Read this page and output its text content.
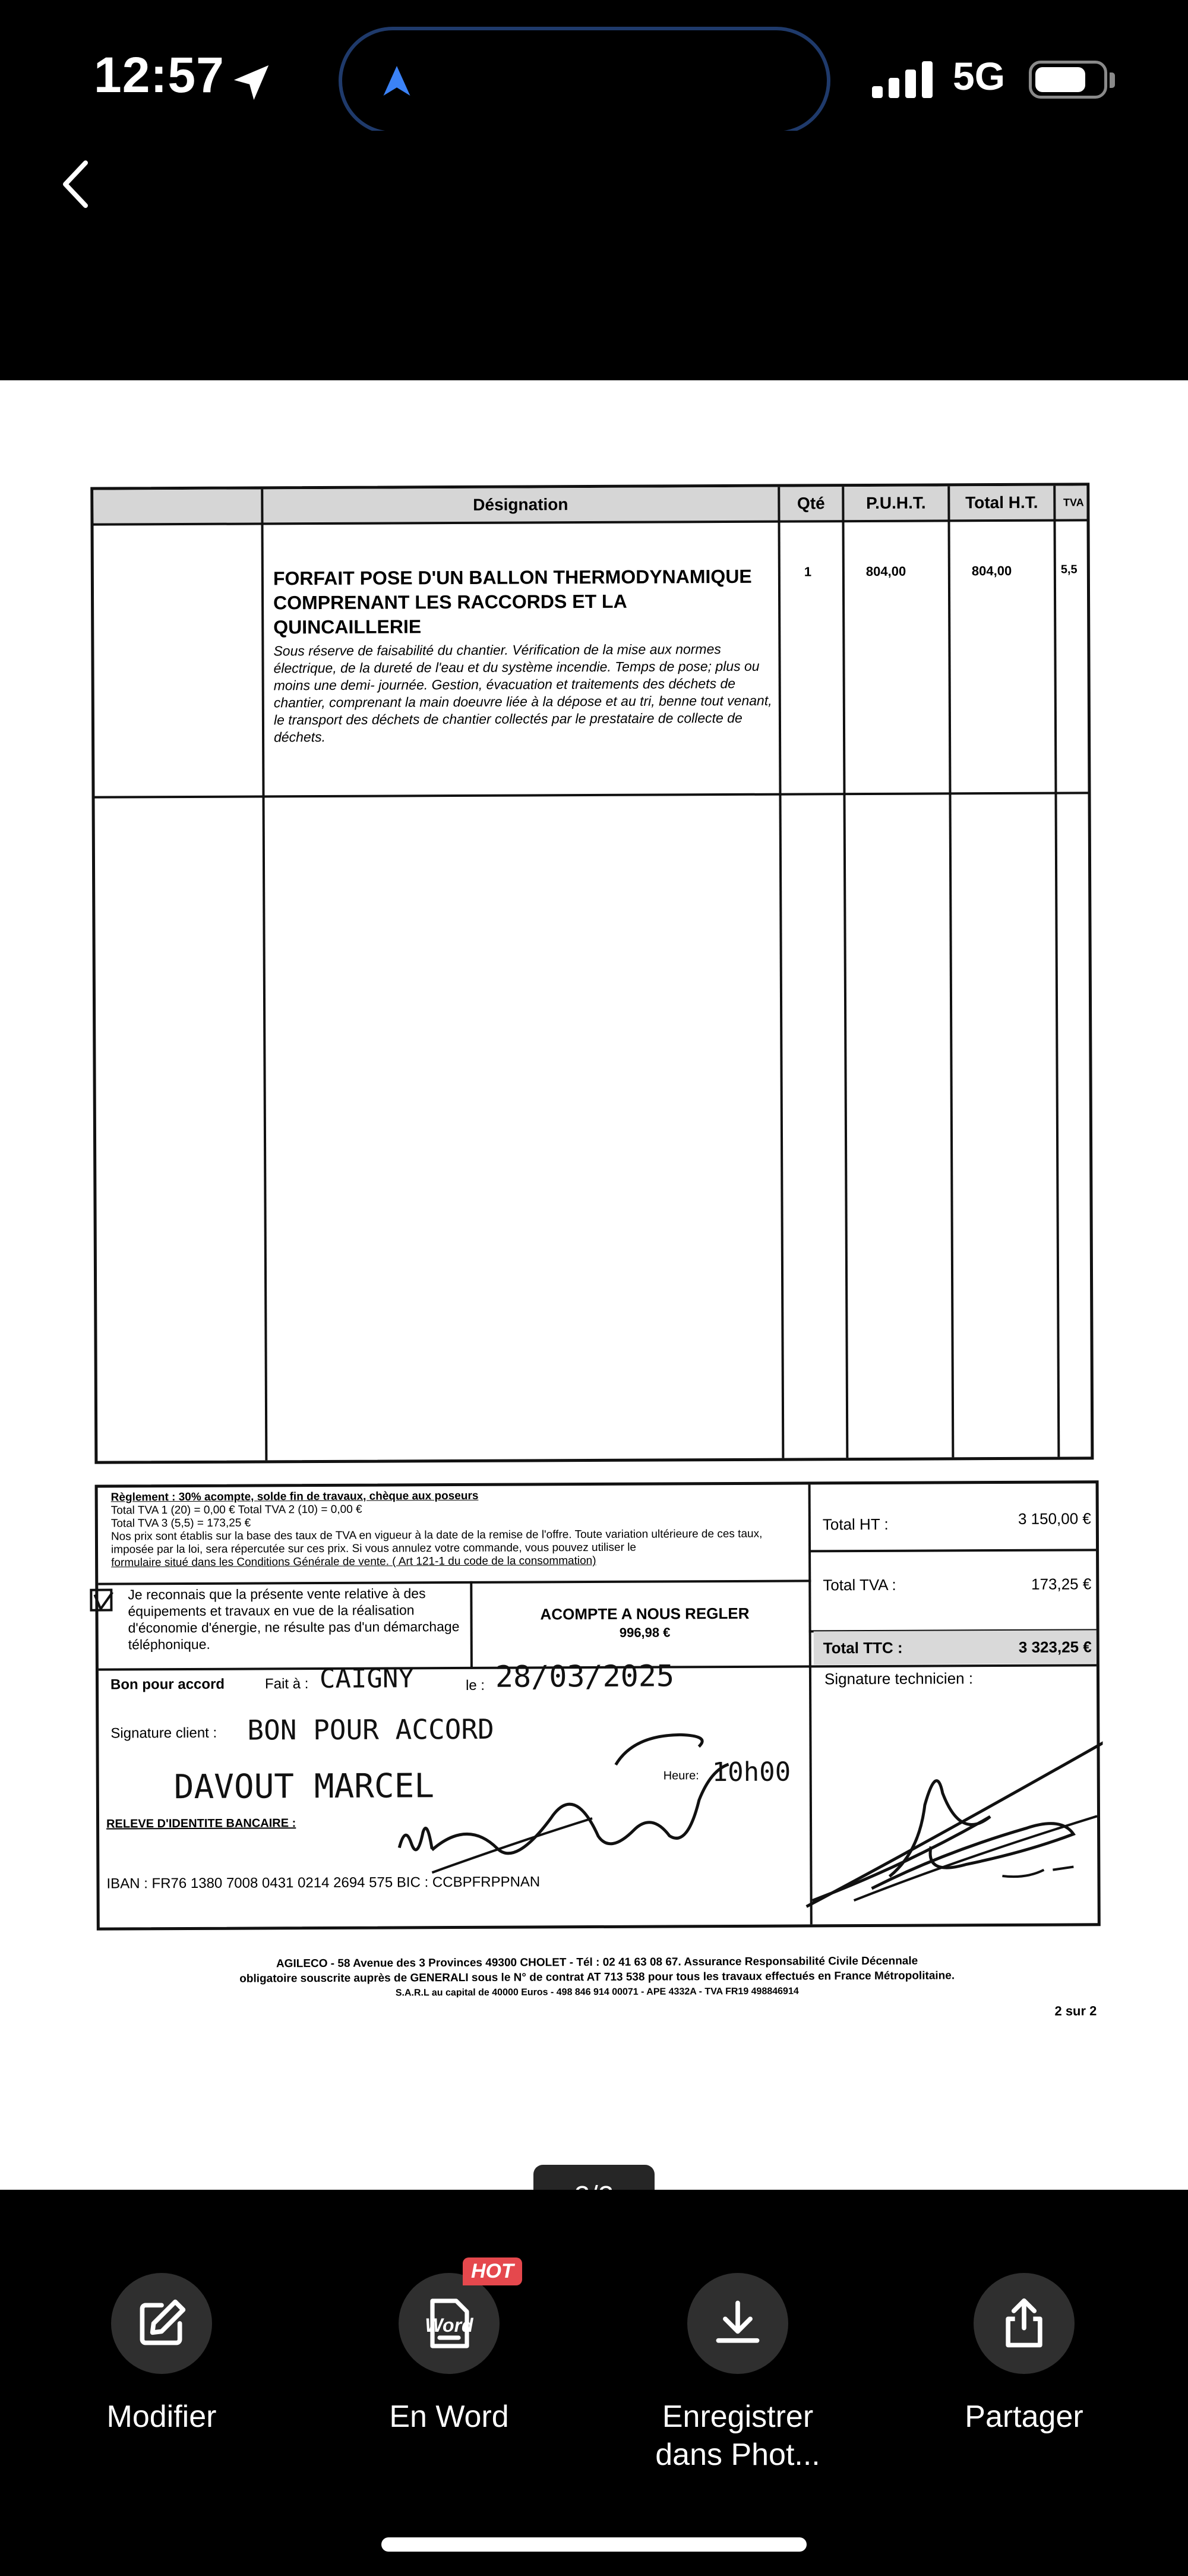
12:57	5G
Désignation	Qté	P.U.H.T.	Total H.T.	TVA
FORFAIT POSE D'UN BALLON THERMODYNAMIQUE COMPRENANT LES RACCORDS ET LA QUINCAILLERIE
Sous réserve de faisabilité du chantier. Vérification de la mise aux normes électrique, de la dureté de l'eau et du système incendie. Temps de pose; plus ou moins une demi- journée. Gestion, évacuation et traitements des déchets de chantier, comprenant la main doeuvre liée à la dépose et au tri, benne tout venant, le transport des déchets de chantier collectés par le prestataire de collecte de déchets.
1	804,00	804,00	5,5
Règlement : 30% acompte, solde fin de travaux, chèque aux poseurs
Total TVA 1 (20) = 0,00 € Total TVA 2 (10) = 0,00 €
Total TVA 3 (5,5) = 173,25 €
Nos prix sont établis sur la base des taux de TVA en vigueur à la date de la remise de l'offre. Toute variation ultérieure de ces taux, imposée par la loi, sera répercutée sur ces prix. Si vous annulez votre commande, vous pouvez utiliser le
formulaire situé dans les Conditions Générale de vente. ( Art 121-1 du code de la consommation)
Je reconnais que la présente vente relative à des équipements et travaux en vue de la réalisation d'économie d'énergie, ne résulte pas d'un démarchage téléphonique.
ACOMPTE A NOUS REGLER
996,98 €
Total HT :	3 150,00 €
Total TVA :	173,25 €
Total TTC :	3 323,25 €
Signature technicien :
Bon pour accord	Fait à : CAIGNY	le : 28/03/2025
Signature client : BON POUR ACCORD
DAVOUT MARCEL	Heure: 10h00
RELEVE D'IDENTITE BANCAIRE :
IBAN : FR76 1380 7008 0431 0214 2694 575 BIC : CCBPFRPPNAN
AGILECO - 58 Avenue des 3 Provinces 49300 CHOLET - Tél : 02 41 63 08 67. Assurance Responsabilité Civile Décennale
obligatoire souscrite auprès de GENERALI sous le N° de contrat AT 713 538 pour tous les travaux effectués en France Métropolitaine.
S.A.R.L au capital de 40000 Euros - 498 846 914 00071 - APE 4332A - TVA FR19 498846914
2 sur 2
Modifier
Word
HOT
En Word	Enregistrer
dans Phot...
Partager
